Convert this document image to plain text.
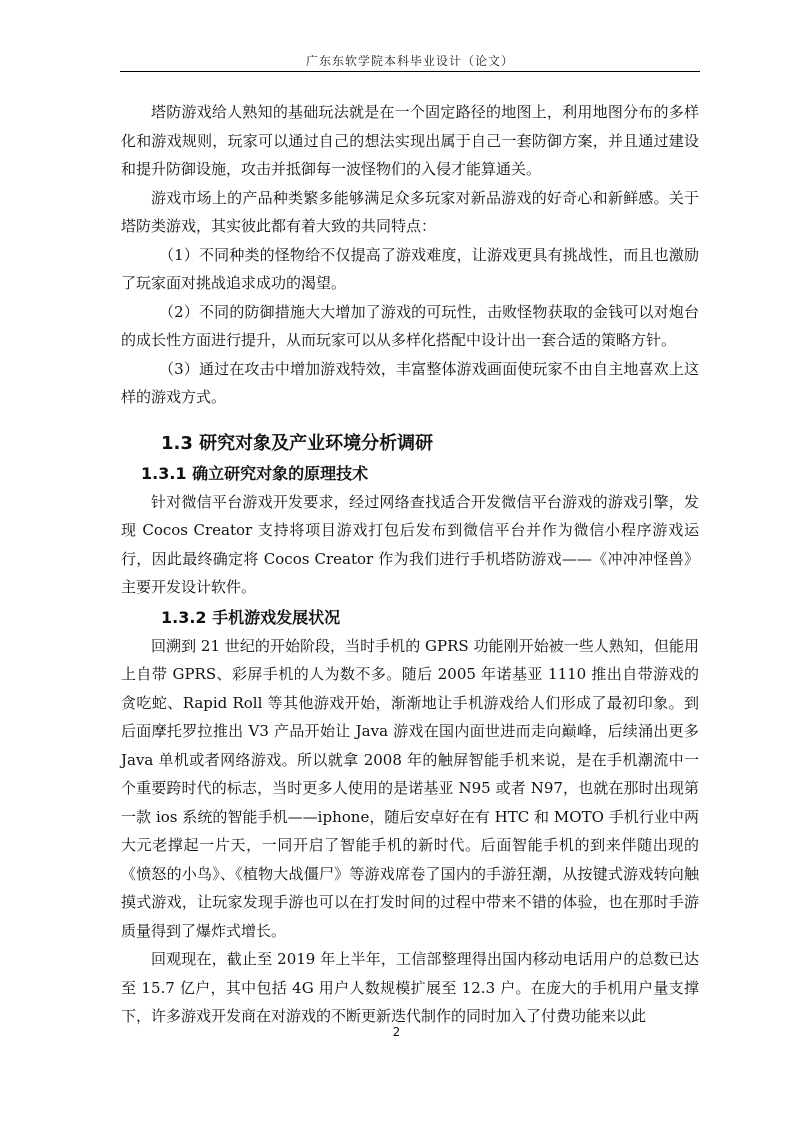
广东东软学院本科毕业设计（论文）

塔防游戏给人熟知的基础玩法就是在一个固定路径的地图上，利用地图分布的多样化和游戏规则，玩家可以通过自己的想法实现出属于自己一套防御方案，并且通过建设和提升防御设施，攻击并抵御每一波怪物们的入侵才能算通关。

游戏市场上的产品种类繁多能够满足众多玩家对新品游戏的好奇心和新鲜感。关于塔防类游戏，其实彼此都有着大致的共同特点：

（1）不同种类的怪物给不仅提高了游戏难度，让游戏更具有挑战性，而且也激励了玩家面对挑战追求成功的渴望。

（2）不同的防御措施大大增加了游戏的可玩性，击败怪物获取的金钱可以对炮台的成长性方面进行提升，从而玩家可以从多样化搭配中设计出一套合适的策略方针。

（3）通过在攻击中增加游戏特效，丰富整体游戏画面使玩家不由自主地喜欢上这样的游戏方式。

1.3 研究对象及产业环境分析调研
1.3.1 确立研究对象的原理技术

针对微信平台游戏开发要求，经过网络查找适合开发微信平台游戏的游戏引擎，发现 Cocos Creator 支持将项目游戏打包后发布到微信平台并作为微信小程序游戏运行，因此最终确定将 Cocos Creator 作为我们进行手机塔防游戏——《冲冲冲怪兽》主要开发设计软件。

1.3.2 手机游戏发展状况

回溯到 21 世纪的开始阶段，当时手机的 GPRS 功能刚开始被一些人熟知，但能用上自带 GPRS、彩屏手机的人为数不多。随后 2005 年诺基亚 1110 推出自带游戏的贪吃蛇、Rapid Roll 等其他游戏开始，渐渐地让手机游戏给人们形成了最初印象。到后面摩托罗拉推出 V3 产品开始让 Java 游戏在国内面世进而走向巅峰，后续涌出更多 Java 单机或者网络游戏。所以就拿 2008 年的触屏智能手机来说，是在手机潮流中一个重要跨时代的标志，当时更多人使用的是诺基亚 N95 或者 N97，也就在那时出现第一款 ios 系统的智能手机——iphone，随后安卓好在有 HTC 和 MOTO 手机行业中两大元老撑起一片天，一同开启了智能手机的新时代。后面智能手机的到来伴随出现的《愤怒的小鸟》、《植物大战僵尸》等游戏席卷了国内的手游狂潮，从按键式游戏转向触摸式游戏，让玩家发现手游也可以在打发时间的过程中带来不错的体验，也在那时手游质量得到了爆炸式增长。

回观现在，截止至 2019 年上半年，工信部整理得出国内移动电话用户的总数已达至 15.7 亿户，其中包括 4G 用户人数规模扩展至 12.3 户。在庞大的手机用户量支撑下，许多游戏开发商在对游戏的不断更新迭代制作的同时加入了付费功能来以此

2
